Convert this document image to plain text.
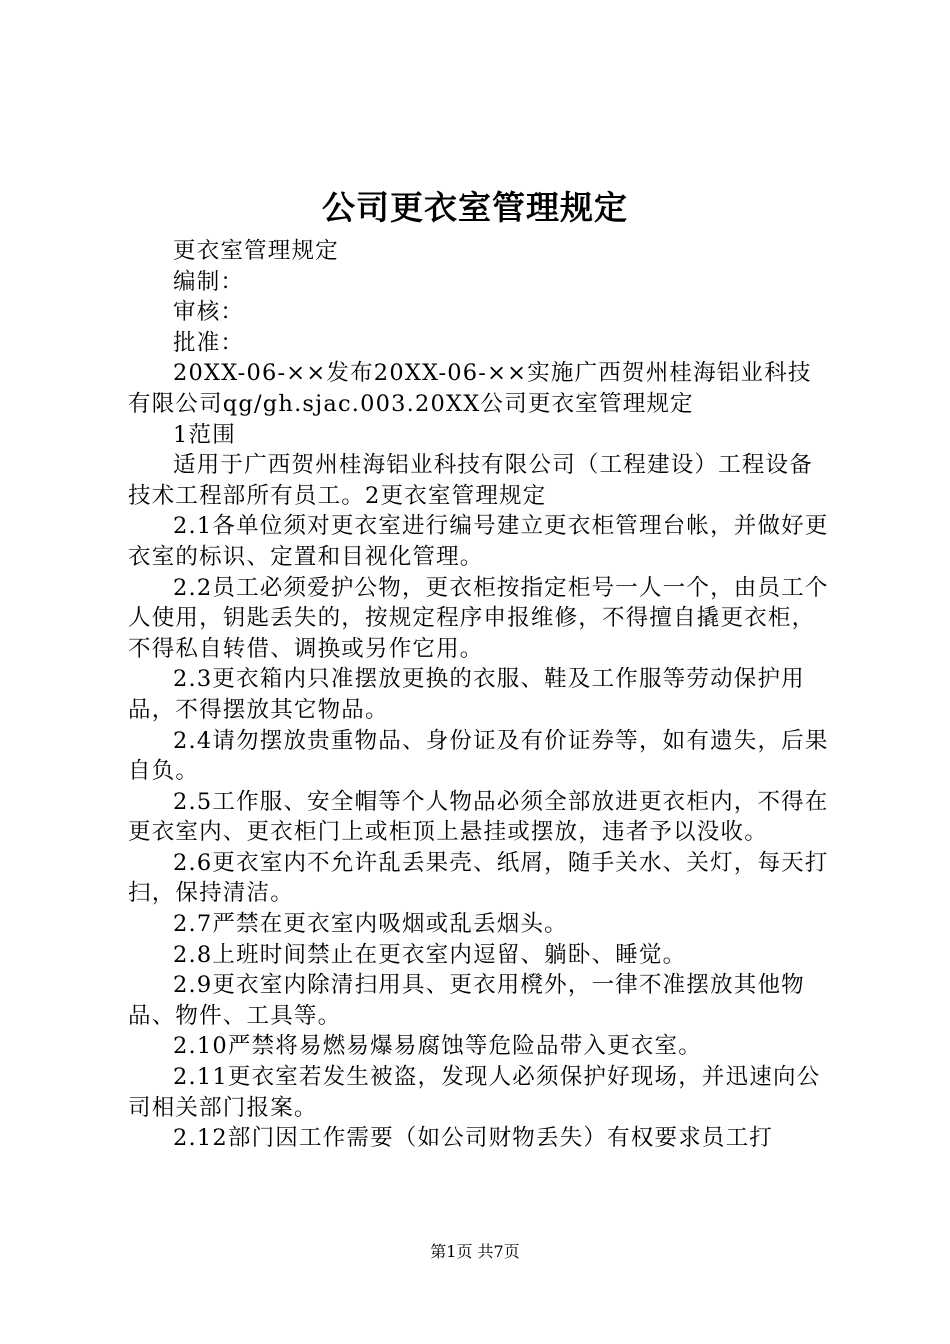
公司更衣室管理规定

更衣室管理规定

编制：

审核：

批准：

20XX-06-××发布20XX-06-××实施广西贺州桂海铝业科技有限公司qg/gh.sjac.003.20XX公司更衣室管理规定

1范围

适用于广西贺州桂海铝业科技有限公司（工程建设）工程设备技术工程部所有员工。2更衣室管理规定

2.1各单位须对更衣室进行编号建立更衣柜管理台帐，并做好更衣室的标识、定置和目视化管理。

2.2员工必须爱护公物，更衣柜按指定柜号一人一个，由员工个人使用，钥匙丢失的，按规定程序申报维修，不得擅自撬更衣柜，不得私自转借、调换或另作它用。

2.3更衣箱内只准摆放更换的衣服、鞋及工作服等劳动保护用品，不得摆放其它物品。

2.4请勿摆放贵重物品、身份证及有价证券等，如有遗失，后果自负。

2.5工作服、安全帽等个人物品必须全部放进更衣柜内，不得在更衣室内、更衣柜门上或柜顶上悬挂或摆放，违者予以没收。

2.6更衣室内不允许乱丢果壳、纸屑，随手关水、关灯，每天打扫，保持清洁。

2.7严禁在更衣室内吸烟或乱丢烟头。

2.8上班时间禁止在更衣室内逗留、躺卧、睡觉。

2.9更衣室内除清扫用具、更衣用櫈外，一律不准摆放其他物品、物件、工具等。

2.10严禁将易燃易爆易腐蚀等危险品带入更衣室。

2.11更衣室若发生被盗，发现人必须保护好现场，并迅速向公司相关部门报案。

2.12部门因工作需要（如公司财物丢失）有权要求员工打

第1页 共7页
